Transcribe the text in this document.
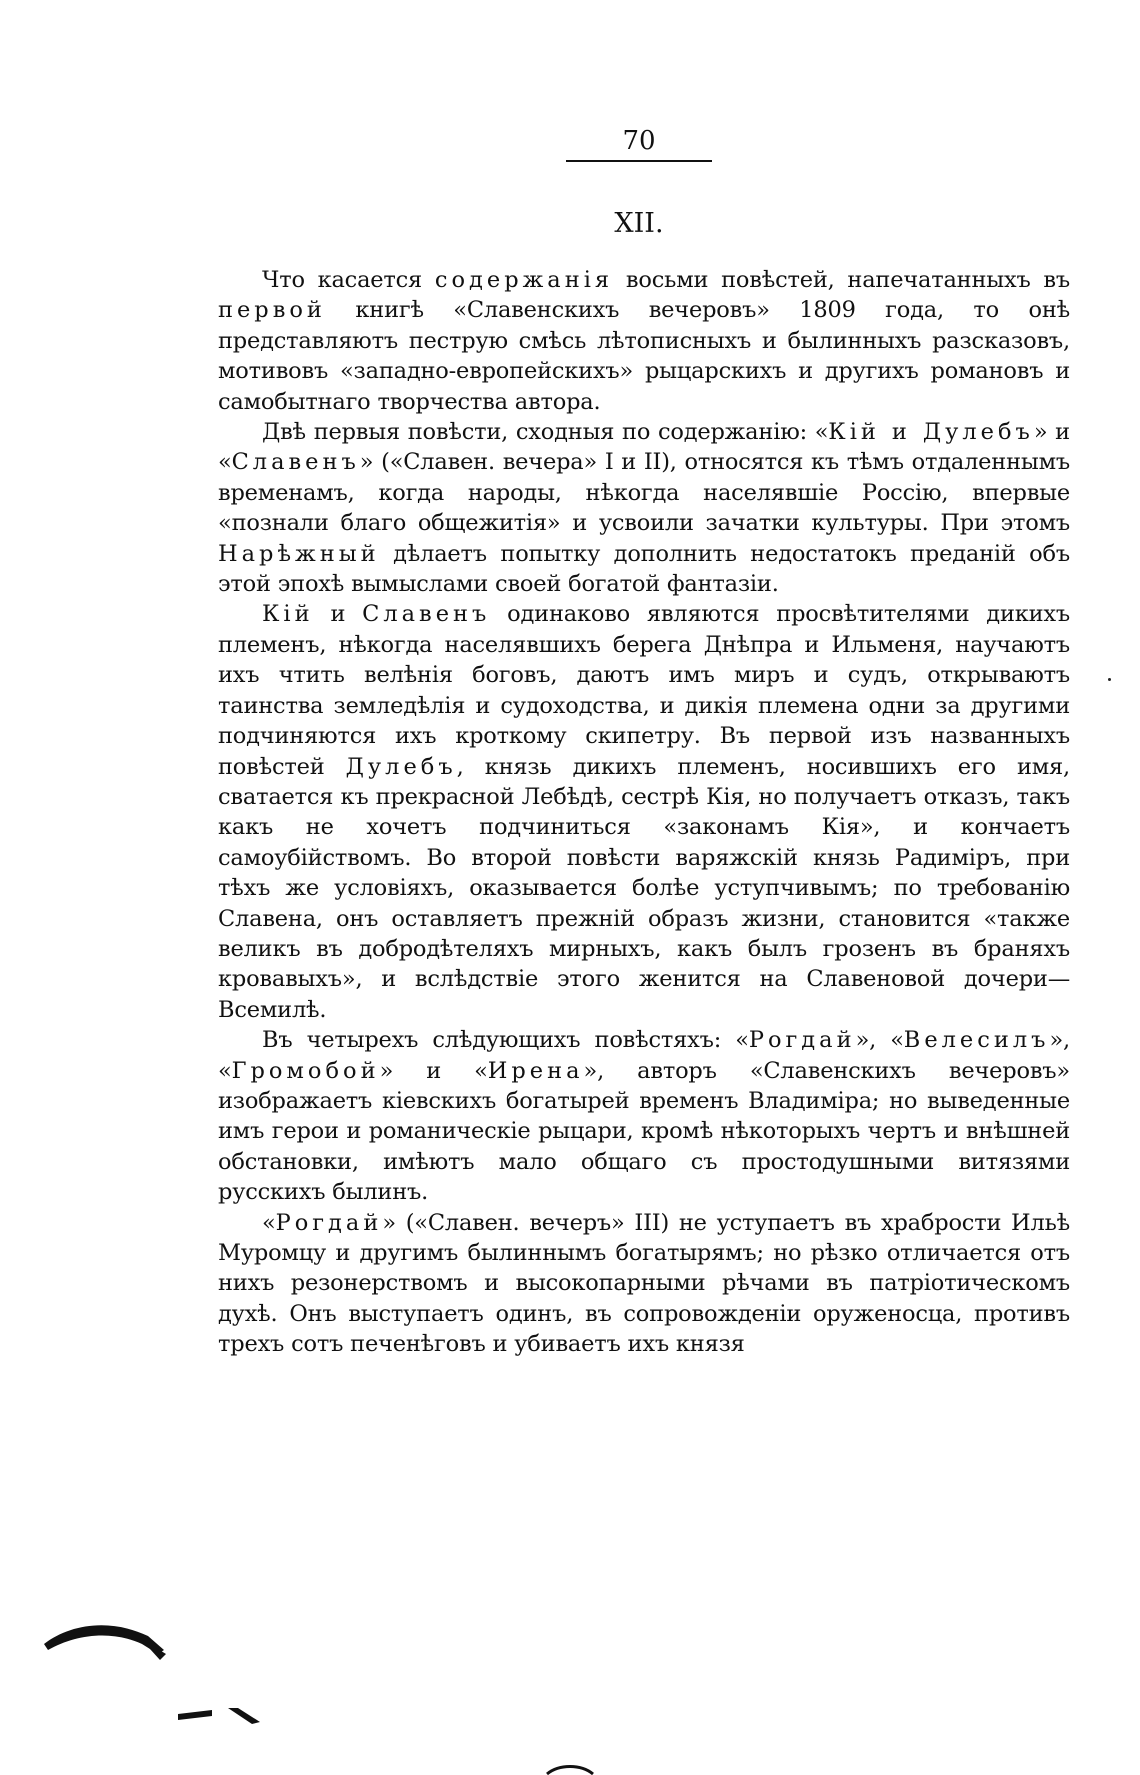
70
XII.

Что касается содержанія восьми повѣстей, напечатанныхъ въ первой книгѣ «Славенскихъ вечеровъ» 1809 года, то онѣ представляютъ пеструю смѣсь лѣтописныхъ и былинныхъ разсказовъ, мотивовъ «западно-европейскихъ» рыцарскихъ и другихъ романовъ и самобытнаго творчества автора.

Двѣ первыя повѣсти, сходныя по содержанію: «Кій и Дулебъ» и «Славенъ» («Славен. вечера» I и II), относятся къ тѣмъ отдаленнымъ временамъ, когда народы, нѣкогда населявшіе Россію, впервые «познали благо общежитія» и усвоили зачатки культуры. При этомъ Нарѣжный дѣлаетъ попытку дополнить недостатокъ преданій объ этой эпохѣ вымыслами своей богатой фантазіи.

Кій и Славенъ одинаково являются просвѣтителями дикихъ племенъ, нѣкогда населявшихъ берега Днѣпра и Ильменя, научаютъ ихъ чтить велѣнія боговъ, даютъ имъ миръ и судъ, открываютъ таинства земледѣлія и судоходства, и дикія племена одни за другими подчиняются ихъ кроткому скипетру. Въ первой изъ названныхъ повѣстей Дулебъ, князь дикихъ племенъ, носившихъ его имя, сватается къ прекрасной Лебѣдѣ, сестрѣ Кія, но получаетъ отказъ, такъ какъ не хочетъ подчиниться «законамъ Кія», и кончаетъ самоубійствомъ. Во второй повѣсти варяжскій князь Радиміръ, при тѣхъ же условіяхъ, оказывается болѣе уступчивымъ; по требованію Славена, онъ оставляетъ прежній образъ жизни, становится «также великъ въ добродѣтеляхъ мирныхъ, какъ былъ грозенъ въ браняхъ кровавыхъ», и вслѣдствіе этого женится на Славеновой дочери—Всемилѣ.

Въ четырехъ слѣдующихъ повѣстяхъ: «Рогдай», «Велесилъ», «Громобой» и «Ирена», авторъ «Славенскихъ вечеровъ» изображаетъ кіевскихъ богатырей временъ Владиміра; но выведенные имъ герои и романическіе рыцари, кромѣ нѣкоторыхъ чертъ и внѣшней обстановки, имѣютъ мало общаго съ простодушными витязями русскихъ былинъ.

«Рогдай» («Славен. вечеръ» III) не уступаетъ въ храбрости Ильѣ Муромцу и другимъ былиннымъ богатырямъ; но рѣзко отличается отъ нихъ резонерствомъ и высокопарными рѣчами въ патріотическомъ духѣ. Онъ выступаетъ одинъ, въ сопровожденіи оруженосца, противъ трехъ сотъ печенѣговъ и убиваетъ ихъ князя
